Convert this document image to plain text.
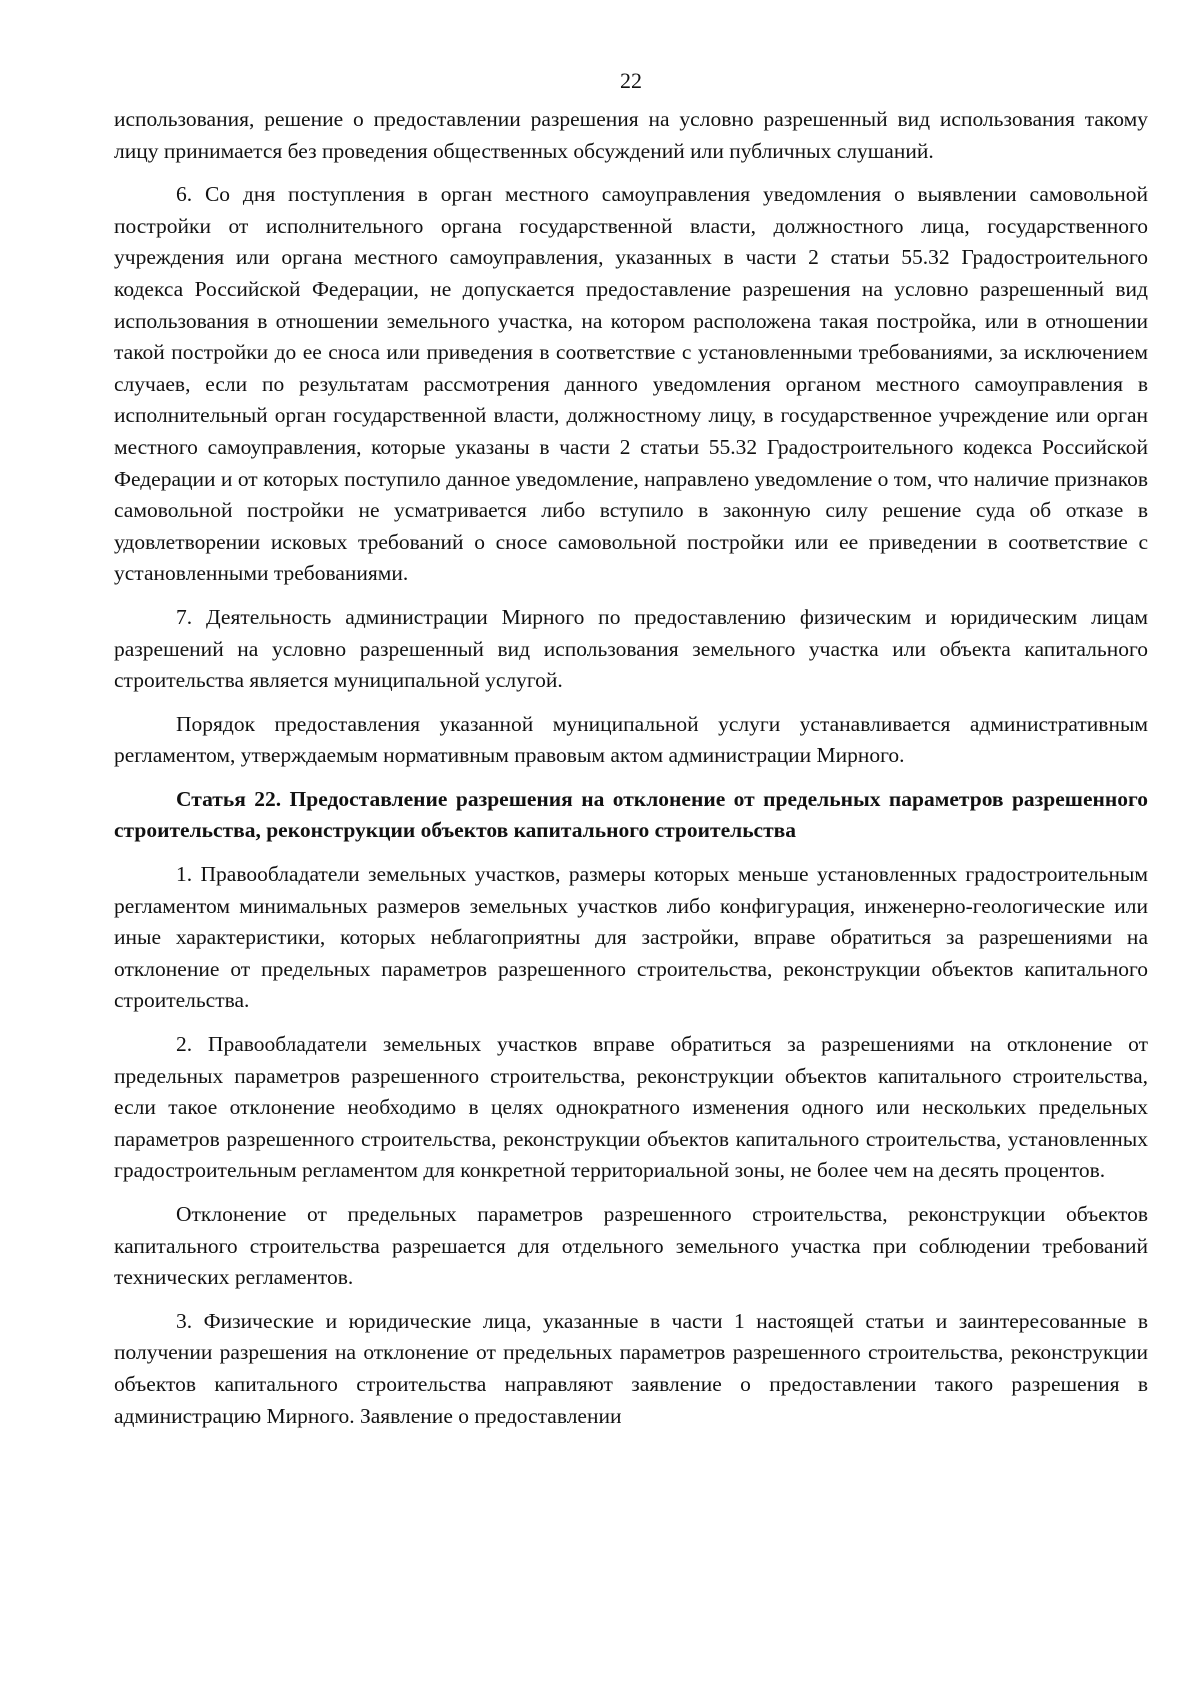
22

использования, решение о предоставлении разрешения на условно разрешенный вид использования такому лицу принимается без проведения общественных обсуждений или публичных слушаний.

6. Со дня поступления в орган местного самоуправления уведомления о выявлении самовольной постройки от исполнительного органа государственной власти, должностного лица, государственного учреждения или органа местного самоуправления, указанных в части 2 статьи 55.32 Градостроительного кодекса Российской Федерации, не допускается предоставление разрешения на условно разрешенный вид использования в отношении земельного участка, на котором расположена такая постройка, или в отношении такой постройки до ее сноса или приведения в соответствие с установленными требованиями, за исключением случаев, если по результатам рассмотрения данного уведомления органом местного самоуправления в исполнительный орган государственной власти, должностному лицу, в государственное учреждение или орган местного самоуправления, которые указаны в части 2 статьи 55.32 Градостроительного кодекса Российской Федерации и от которых поступило данное уведомление, направлено уведомление о том, что наличие признаков самовольной постройки не усматривается либо вступило в законную силу решение суда об отказе в удовлетворении исковых требований о сносе самовольной постройки или ее приведении в соответствие с установленными требованиями.

7. Деятельность администрации Мирного по предоставлению физическим и юридическим лицам разрешений на условно разрешенный вид использования земельного участка или объекта капитального строительства является муниципальной услугой.

Порядок предоставления указанной муниципальной услуги устанавливается административным регламентом, утверждаемым нормативным правовым актом администрации Мирного.

Статья 22. Предоставление разрешения на отклонение от предельных параметров разрешенного строительства, реконструкции объектов капитального строительства

1. Правообладатели земельных участков, размеры которых меньше установленных градостроительным регламентом минимальных размеров земельных участков либо конфигурация, инженерно-геологические или иные характеристики, которых неблагоприятны для застройки, вправе обратиться за разрешениями на отклонение от предельных параметров разрешенного строительства, реконструкции объектов капитального строительства.

2. Правообладатели земельных участков вправе обратиться за разрешениями на отклонение от предельных параметров разрешенного строительства, реконструкции объектов капитального строительства, если такое отклонение необходимо в целях однократного изменения одного или нескольких предельных параметров разрешенного строительства, реконструкции объектов капитального строительства, установленных градостроительным регламентом для конкретной территориальной зоны, не более чем на десять процентов.

Отклонение от предельных параметров разрешенного строительства, реконструкции объектов капитального строительства разрешается для отдельного земельного участка при соблюдении требований технических регламентов.

3. Физические и юридические лица, указанные в части 1 настоящей статьи и заинтересованные в получении разрешения на отклонение от предельных параметров разрешенного строительства, реконструкции объектов капитального строительства направляют заявление о предоставлении такого разрешения в администрацию Мирного. Заявление о предоставлении
